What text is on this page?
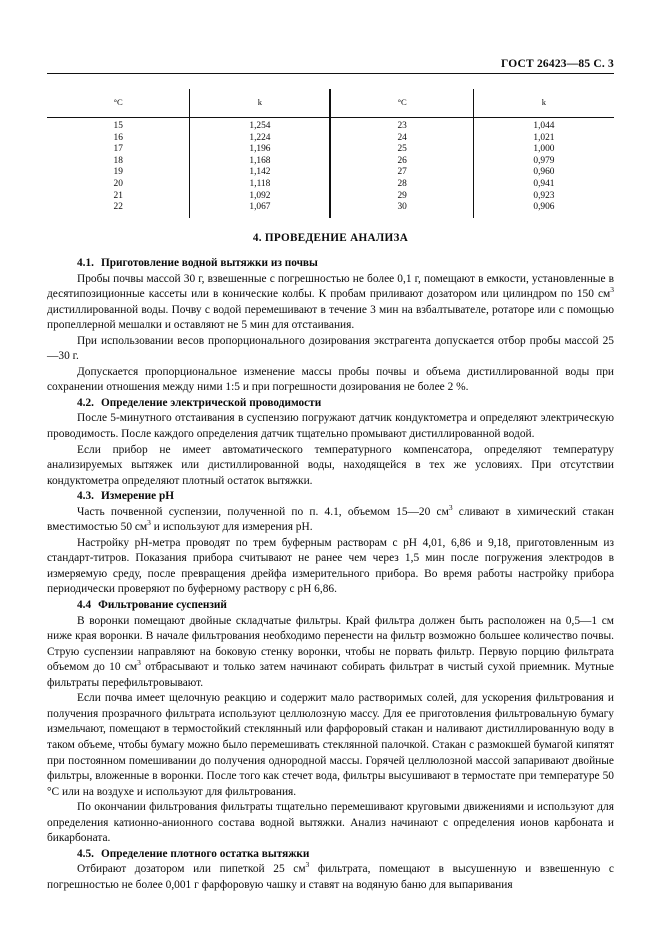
ГОСТ 26423—85 С. 3
°C	k	°C	k
15	1,254	23	1,044
16	1,224	24	1,021
17	1,196	25	1,000
18	1,168	26	0,979
19	1,142	27	0,960
20	1,118	28	0,941
21	1,092	29	0,923
22	1,067	30	0,906
4. ПРОВЕДЕНИЕ АНАЛИЗА
4.1. Приготовление водной вытяжки из почвы

Пробы почвы массой 30 г, взвешенные с погрешностью не более 0,1 г, помещают в емкости, установленные в десятипозиционные кассеты или в конические колбы. К пробам приливают дозатором или цилиндром по 150 $см^3$ дистиллированной воды. Почву с водой перемешивают в течение 3 мин на взбалтывателе, ротаторе или с помощью пропеллерной мешалки и оставляют не 5 мин для отстаивания.

При использовании весов пропорционального дозирования экстрагента допускается отбор пробы массой 25—30 г.

Допускается пропорциональное изменение массы пробы почвы и объема дистиллированной воды при сохранении отношения между ними 1:5 и при погрешности дозирования не более 2 %.

4.2. Определение электрической проводимости

После 5-минутного отстаивания в суспензию погружают датчик кондуктометра и определяют электрическую проводимость. После каждого определения датчик тщательно промывают дистиллированной водой.

Если прибор не имеет автоматического температурного компенсатора, определяют температуру анализируемых вытяжек или дистиллированной воды, находящейся в тех же условиях. При отсутствии кондуктометра определяют плотный остаток вытяжки.

4.3. Измерение рН

Часть почвенной суспензии, полученной по п. 4.1, объемом 15—20 $см^3$ сливают в химический стакан вместимостью 50 $см^3$ и используют для измерения рН.

Настройку рН-метра проводят по трем буферным растворам с рН 4,01, 6,86 и 9,18, приготовленным из стандарт-титров. Показания прибора считывают не ранее чем через 1,5 мин после погружения электродов в измеряемую среду, после превращения дрейфа измерительного прибора. Во время работы настройку прибора периодически проверяют по буферному раствору с рН 6,86.

4.4 Фильтрование суспензий

В воронки помещают двойные складчатые фильтры. Край фильтра должен быть расположен на 0,5—1 см ниже края воронки. В начале фильтрования необходимо перенести на фильтр возможно большее количество почвы. Струю суспензии направляют на боковую стенку воронки, чтобы не порвать фильтр. Первую порцию фильтрата объемом до 10 $см^3$ отбрасывают и только затем начинают собирать фильтрат в чистый сухой приемник. Мутные фильтраты перефильтровывают.

Если почва имеет щелочную реакцию и содержит мало растворимых солей, для ускорения фильтрования и получения прозрачного фильтрата используют целлюлозную массу. Для ее приготовления фильтровальную бумагу измельчают, помещают в термостойкий стеклянный или фарфоровый стакан и наливают дистиллированную воду в таком объеме, чтобы бумагу можно было перемешивать стеклянной палочкой. Стакан с размокшей бумагой кипятят при постоянном помешивании до получения однородной массы. Горячей целлюлозной массой запаривают двойные фильтры, вложенные в воронки. После того как стечет вода, фильтры высушивают в термостате при температуре 50 °С или на воздухе и используют для фильтрования.

По окончании фильтрования фильтраты тщательно перемешивают круговыми движениями и используют для определения катионно-анионного состава водной вытяжки. Анализ начинают с определения ионов карбоната и бикарбоната.

4.5. Определение плотного остатка вытяжки

Отбирают дозатором или пипеткой 25 $см^3$ фильтрата, помещают в высушенную и взвешенную с погрешностью не более 0,001 г фарфоровую чашку и ставят на водяную баню для выпаривания
